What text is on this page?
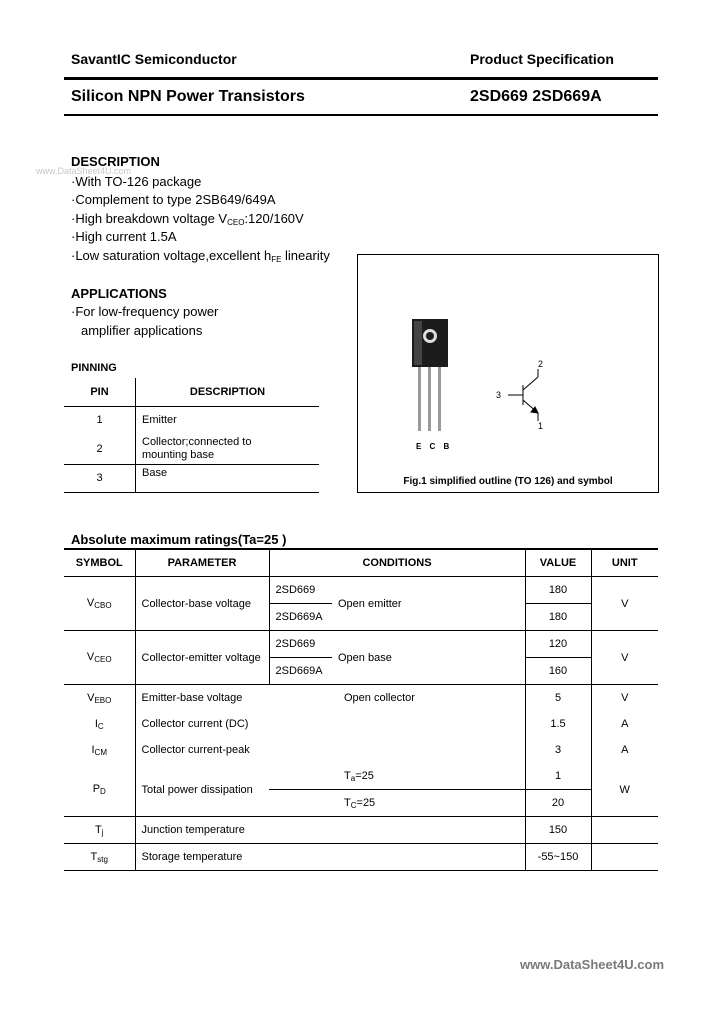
SavantIC Semiconductor	Product Specification
Silicon NPN Power Transistors	2SD669 2SD669A
www.DataSheet4U.com
DESCRIPTION
·With TO-126 package
·Complement to type 2SB649/649A
·High breakdown voltage $V_{CEO}:120/160V$
·High current 1.5A
·Low saturation voltage,excellent $h_{FE}$ linearity
APPLICATIONS
·For low-frequency power
amplifier applications
PINNING
PIN	DESCRIPTION
1	Emitter
2	Collector;connected to
mounting base
3	Base
E C B
2
3
1
Fig.1 simplified outline (TO 126) and symbol
Absolute maximum ratings(Ta=25 )
SYMBOL	PARAMETER	CONDITIONS		VALUE	UNIT
$V_{CBO}$	Collector-base voltage	2SD669	Open emitter	180	V
		2SD669A		180	
$V_{CEO}$	Collector-emitter voltage	2SD669	Open base	120	V
		2SD669A		160	
$V_{EBO}$	Emitter-base voltage	Open collector		5	V
$I_C$	Collector current (DC)			1.5	A
$I_{CM}$	Collector current-peak			3	A
$P_D$	Total power dissipation	$T_a=25$		1	W
		$T_C=25$		20	
$T_j$	Junction temperature			150	
$T_{stg}$	Storage temperature			-55~150	
www.DataSheet4U.com
